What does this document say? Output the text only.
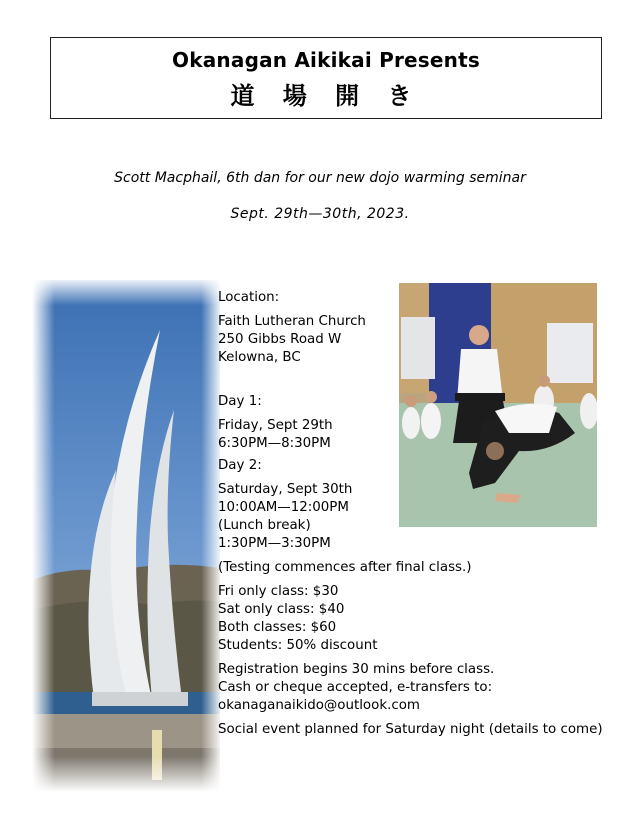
Okanagan Aikikai Presents
道 場 開 き
Scott Macphail, 6th dan for our new dojo warming seminar
Sept. 29th—30th, 2023.

Location:

Faith Lutheran Church

250 Gibbs Road W

Kelowna, BC

Day 1:

Friday, Sept 29th

6:30PM—8:30PM

Day 2:

Saturday, Sept 30th

10:00AM—12:00PM

(Lunch break)

1:30PM—3:30PM

(Testing commences after final class.)

Fri only class: $30

Sat only class: $40

Both classes: $60

Students: 50% discount

Registration begins 30 mins before class.

Cash or cheque accepted, e-transfers to:

okanaganaikido@outlook.com

Social event planned for Saturday night (details to come)
